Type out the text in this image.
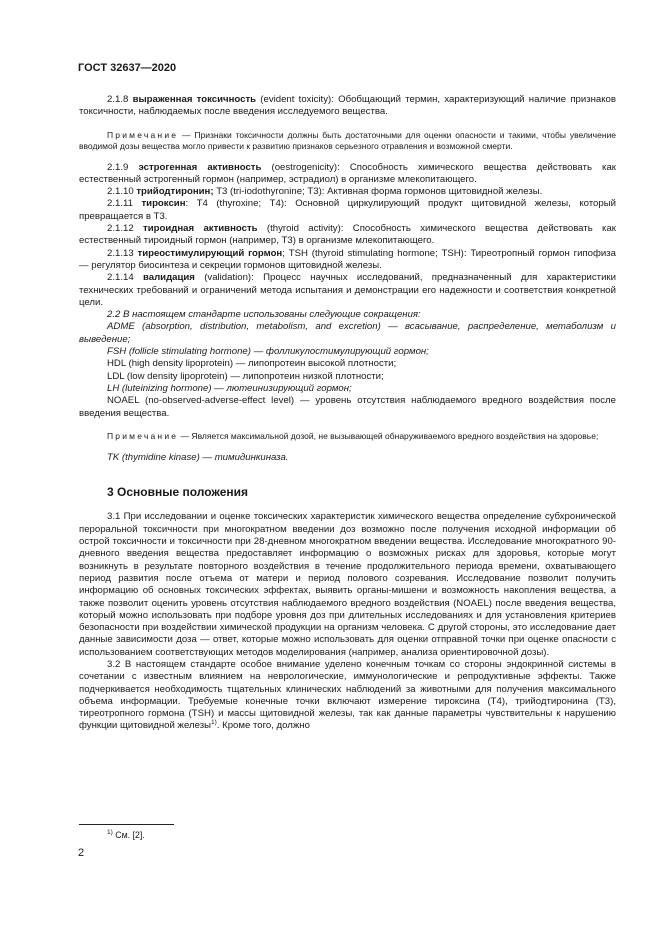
ГОСТ 32637—2020

2.1.8 выраженная токсичность (evident toxicity): Обобщающий термин, характеризующий наличие признаков токсичности, наблюдаемых после введения исследуемого вещества.

Примечание — Признаки токсичности должны быть достаточными для оценки опасности и такими, чтобы увеличение вводимой дозы вещества могло привести к развитию признаков серьезного отравления и возможной смерти.

2.1.9 эстрогенная активность (oestrogenicity): Способность химического вещества действовать как естественный эстрогенный гормон (например, эстрадиол) в организме млекопитающего.

2.1.10 трийодтиронин; Т3 (tri-iodothyronine; Т3): Активная форма гормонов щитовидной железы.

2.1.11 тироксин: Т4 (thyroxine; Т4): Основной циркулирующий продукт щитовидной железы, который превращается в Т3.

2.1.12 тироидная активность (thyroid activity): Способность химического вещества действовать как естественный тироидный гормон (например, Т3) в организме млекопитающего.

2.1.13 тиреостимулирующий гормон; TSH (thyroid stimulating hormone; TSH): Тиреотропный гормон гипофиза — регулятор биосинтеза и секреции гормонов щитовидной железы.

2.1.14 валидация (validation): Процесс научных исследований, предназначенный для характеристики технических требований и ограничений метода испытания и демонстрации его надежности и соответствия конкретной цели.

2.2 В настоящем стандарте использованы следующие сокращения:

ADME (absorption, distribution, metabolism, and excretion) — всасывание, распределение, метаболизм и выведение;

FSH (follicle stimulating hormone) — фолликулостимулирующий гормон;

HDL (high density lipoprotein) — липопротеин высокой плотности;

LDL (low density lipoprotein) — липопротеин низкой плотности;

LH (luteinizing hormone) — лютеинизирующий гормон;

NOAEL (no-observed-adverse-effect level) — уровень отсутствия наблюдаемого вредного воздействия после введения вещества.

Примечание — Является максимальной дозой, не вызывающей обнаруживаемого вредного воздействия на здоровье;

TK (thymidine kinase) — тимидинкиназа.

3 Основные положения

3.1 При исследовании и оценке токсических характеристик химического вещества определение субхронической пероральной токсичности при многократном введении доз возможно после получения исходной информации об острой токсичности и токсичности при 28-дневном многократном введении вещества. Исследование многократного 90-дневного введения вещества предоставляет информацию о возможных рисках для здоровья, которые могут возникнуть в результате повторного воздействия в течение продолжительного периода времени, охватывающего период развития после отъема от матери и период полового созревания. Исследование позволит получить информацию об основных токсических эффектах, выявить органы-мишени и возможность накопления вещества, а также позволит оценить уровень отсутствия наблюдаемого вредного воздействия (NOAEL) после введения вещества, который можно использовать при подборе уровня доз при длительных исследованиях и для установления критериев безопасности при воздействии химической продукции на организм человека. С другой стороны, это исследование дает данные зависимости доза — ответ, которые можно использовать для оценки отправной точки при оценке опасности с использованием соответствующих методов моделирования (например, анализа ориентировочной дозы).

3.2 В настоящем стандарте особое внимание уделено конечным точкам со стороны эндокринной системы в сочетании с известным влиянием на неврологические, иммунологические и репродуктивные эффекты. Также подчеркивается необходимость тщательных клинических наблюдений за животными для получения максимального объема информации. Требуемые конечные точки включают измерение тироксина (Т4), трийодтиронина (Т3), тиреотропного гормона (TSH) и массы щитовидной железы, так как данные параметры чувствительны к нарушению функции щитовидной железы$^{1)}$. Кроме того, должно

$^{1)}$ См. [2].
2
